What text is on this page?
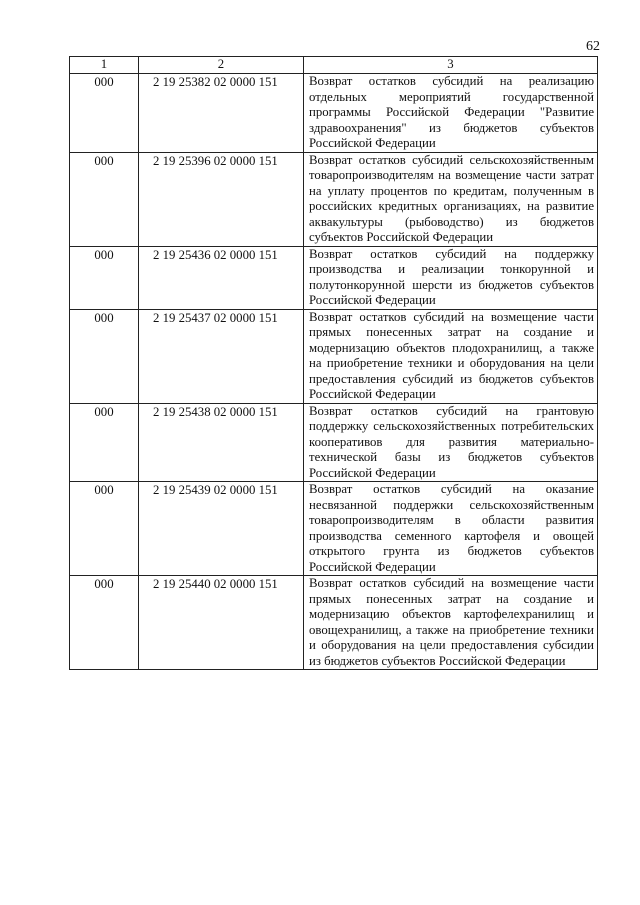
62
1	2	3
000	2 19 25382 02 0000 151	Возврат остатков субсидий на реализацию отдельных мероприятий государственной программы Российской Федерации "Развитие здравоохранения" из бюджетов субъектов Российской Федерации
000	2 19 25396 02 0000 151	Возврат остатков субсидий сельскохозяйственным товаропроизводителям на возмещение части затрат на уплату процентов по кредитам, полученным в российских кредитных организациях, на развитие аквакультуры (рыбоводство) из бюджетов субъектов Российской Федерации
000	2 19 25436 02 0000 151	Возврат остатков субсидий на поддержку производства и реализации тонкорунной и полутонкорунной шерсти из бюджетов субъектов Российской Федерации
000	2 19 25437 02 0000 151	Возврат остатков субсидий на возмещение части прямых понесенных затрат на создание и модернизацию объектов плодохранилищ, а также на приобретение техники и оборудования на цели предоставления субсидий из бюджетов субъектов Российской Федерации
000	2 19 25438 02 0000 151	Возврат остатков субсидий на грантовую поддержку сельскохозяйственных потребительских кооперативов для развития материально-технической базы из бюджетов субъектов Российской Федерации
000	2 19 25439 02 0000 151	Возврат остатков субсидий на оказание несвязанной поддержки сельскохозяйственным товаропроизводителям в области развития производства семенного картофеля и овощей открытого грунта из бюджетов субъектов Российской Федерации
000	2 19 25440 02 0000 151	Возврат остатков субсидий на возмещение части прямых понесенных затрат на создание и модернизацию объектов картофелехранилищ и овощехранилищ, а также на приобретение техники и оборудования на цели предоставления субсидии из бюджетов субъектов Российской Федерации
